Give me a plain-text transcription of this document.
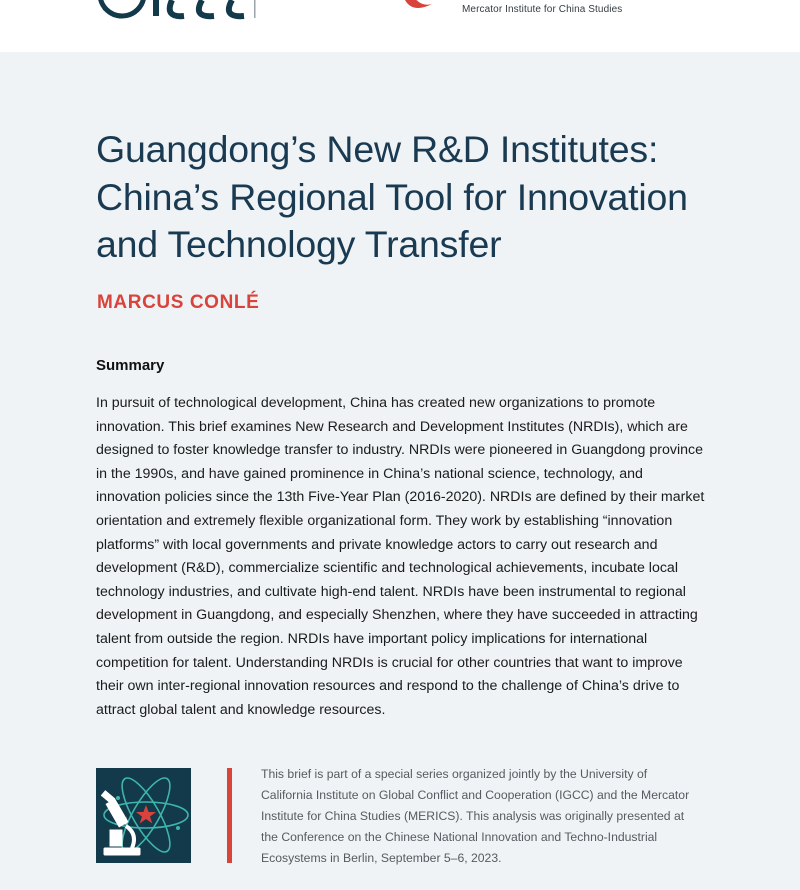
Mercator Institute for China Studies
Guangdong’s New R&D Institutes: China’s Regional Tool for Innovation and Technology Transfer
MARCUS CONLÉ
Summary

In pursuit of technological development, China has created new organizations to promote innovation. This brief examines New Research and Development Institutes (NRDIs), which are designed to foster knowledge transfer to industry. NRDIs were pioneered in Guangdong province in the 1990s, and have gained prominence in China’s national science, technology, and innovation policies since the 13th Five-Year Plan (2016-2020). NRDIs are defined by their market orientation and extremely flexible organizational form. They work by establishing “innovation platforms” with local governments and private knowledge actors to carry out research and development (R&D), commercialize scientific and technological achievements, incubate local technology industries, and cultivate high-end talent. NRDIs have been instrumental to regional development in Guangdong, and especially Shenzhen, where they have succeeded in attracting talent from outside the region. NRDIs have important policy implications for international competition for talent. Understanding NRDIs is crucial for other countries that want to improve their own inter-regional innovation resources and respond to the challenge of China’s drive to attract global talent and knowledge resources.

This brief is part of a special series organized jointly by the University of California Institute on Global Conflict and Cooperation (IGCC) and the Mercator Institute for China Studies (MERICS). This analysis was originally presented at the Conference on the Chinese National Innovation and Techno-Industrial Ecosystems in Berlin, September 5–6, 2023.
